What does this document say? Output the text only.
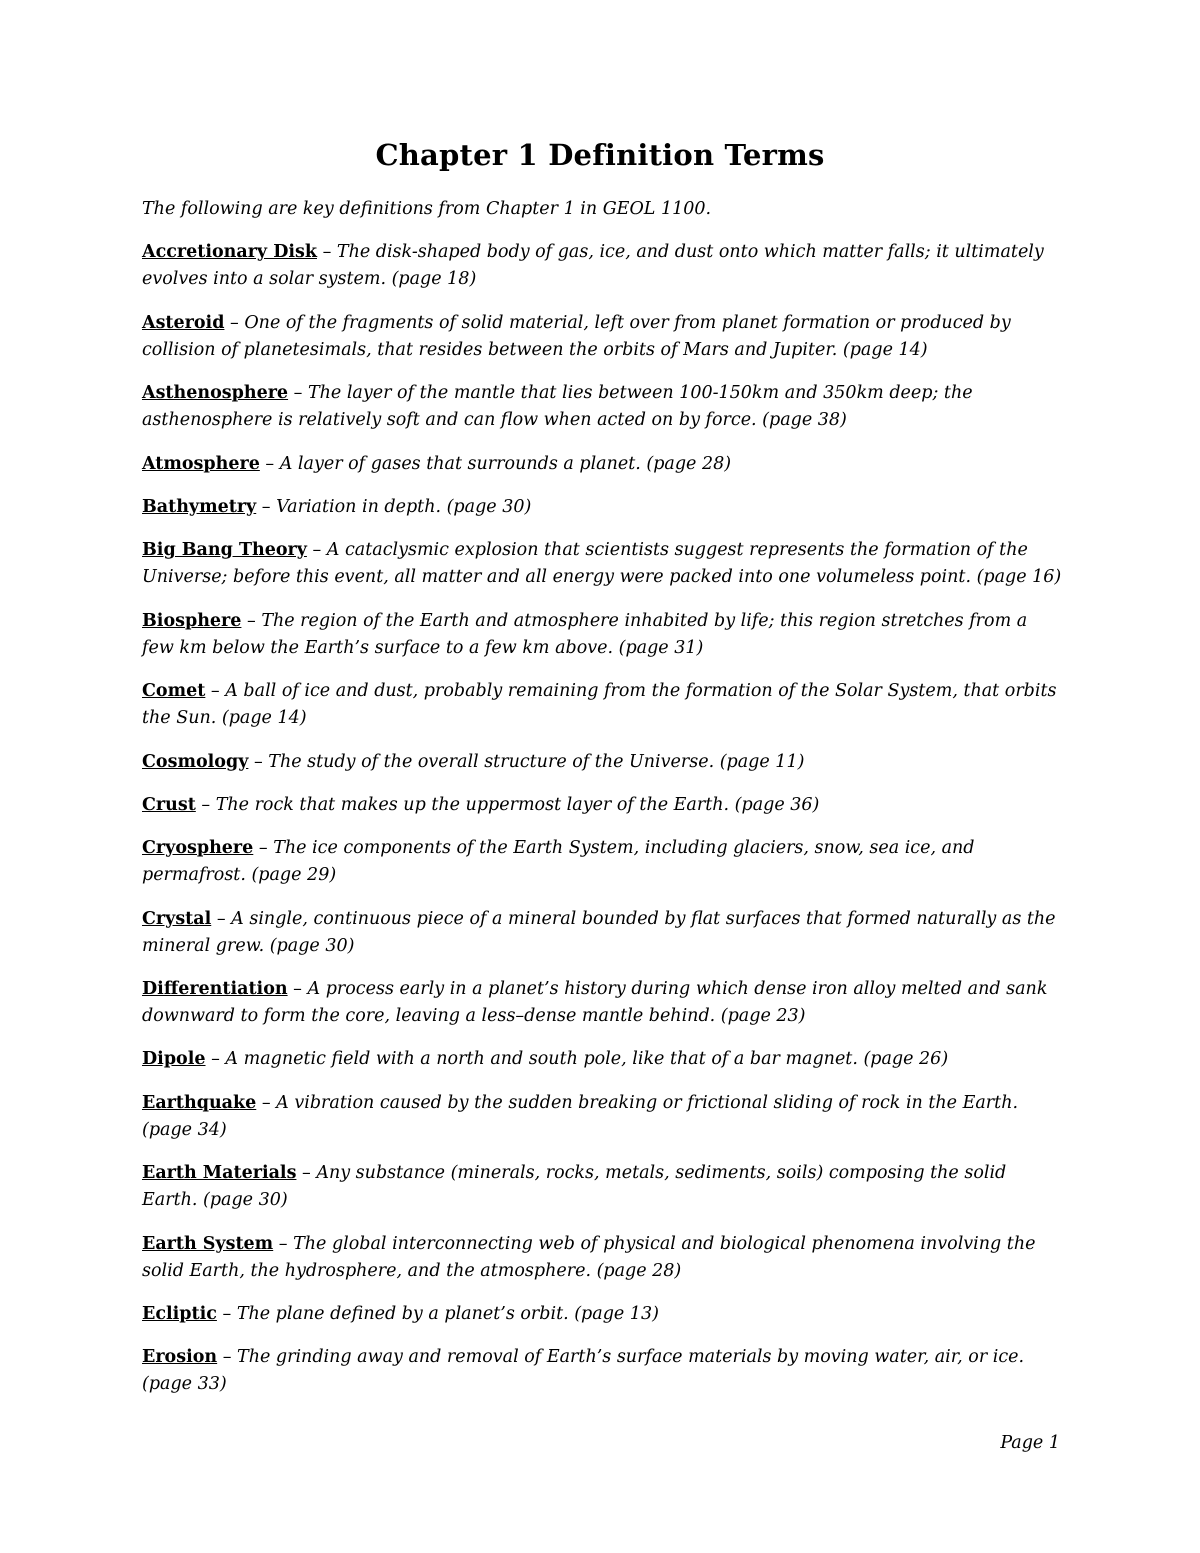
Chapter 1 Definition Terms

The following are key definitions from Chapter 1 in GEOL 1100.

Accretionary Disk – The disk-shaped body of gas, ice, and dust onto which matter falls; it ultimately evolves into a solar system. (page 18)

Asteroid – One of the fragments of solid material, left over from planet formation or produced by collision of planetesimals, that resides between the orbits of Mars and Jupiter. (page 14)

Asthenosphere – The layer of the mantle that lies between 100-150km and 350km deep; the asthenosphere is relatively soft and can flow when acted on by force. (page 38)

Atmosphere – A layer of gases that surrounds a planet. (page 28)

Bathymetry – Variation in depth. (page 30)

Big Bang Theory – A cataclysmic explosion that scientists suggest represents the formation of the Universe; before this event, all matter and all energy were packed into one volumeless point. (page 16)

Biosphere – The region of the Earth and atmosphere inhabited by life; this region stretches from a few km below the Earth’s surface to a few km above. (page 31)

Comet – A ball of ice and dust, probably remaining from the formation of the Solar System, that orbits the Sun. (page 14)

Cosmology – The study of the overall structure of the Universe. (page 11)

Crust – The rock that makes up the uppermost layer of the Earth. (page 36)

Cryosphere – The ice components of the Earth System, including glaciers, snow, sea ice, and permafrost. (page 29)

Crystal – A single, continuous piece of a mineral bounded by flat surfaces that formed naturally as the mineral grew. (page 30)

Differentiation – A process early in a planet’s history during which dense iron alloy melted and sank downward to form the core, leaving a less–dense mantle behind. (page 23)

Dipole – A magnetic field with a north and south pole, like that of a bar magnet. (page 26)

Earthquake – A vibration caused by the sudden breaking or frictional sliding of rock in the Earth. (page 34)

Earth Materials – Any substance (minerals, rocks, metals, sediments, soils) composing the solid Earth. (page 30)

Earth System – The global interconnecting web of physical and biological phenomena involving the solid Earth, the hydrosphere, and the atmosphere. (page 28)

Ecliptic – The plane defined by a planet’s orbit. (page 13)

Erosion – The grinding away and removal of Earth’s surface materials by moving water, air, or ice. (page 33)

Page 1
